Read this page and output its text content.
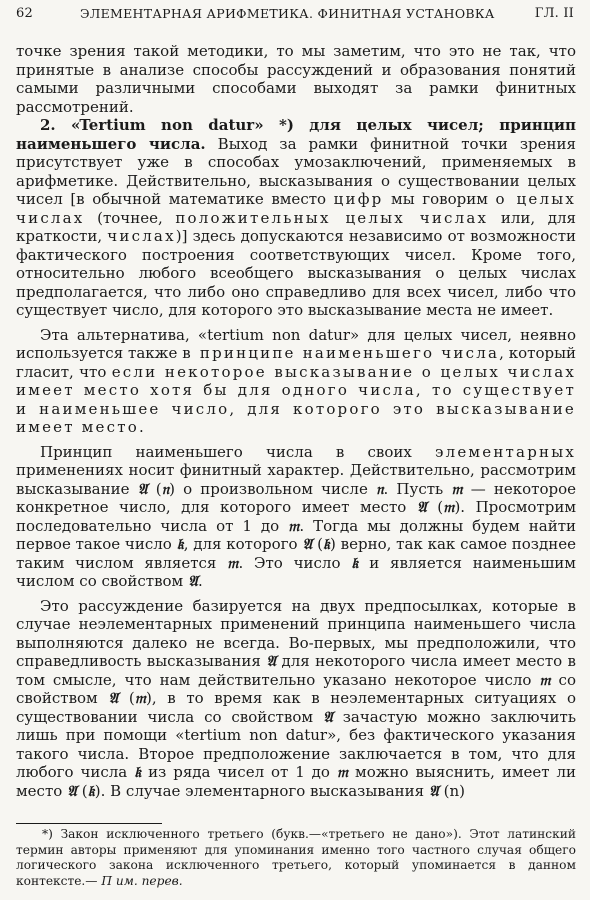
62	ЭЛЕМЕНТАРНАЯ АРИФМЕТИКА. ФИНИТНАЯ УСТАНОВКА	ГЛ. II

точке зрения такой методики, то мы заметим, что это не так, что принятые в анализе способы рассуждений и образования понятий самыми различными способами выходят за рамки финитных рассмотрений.

2. «Tertium non datur» *) для целых чисел; принцип наименьшего числа. Выход за рамки финитной точки зрения присутствует уже в способах умозаключений, применяемых в арифметике. Действительно, высказывания о существовании целых чисел [в обычной математике вместо цифр мы говорим о целых числах (точнее, положительных целых числах или, для краткости, числах)] здесь допускаются независимо от возможности фактического построения соответствующих чисел. Кроме того, относительно любого всеобщего высказывания о целых числах предполагается, что либо оно справедливо для всех чисел, либо что существует число, для которого это высказывание места не имеет.

Эта альтернатива, «tertium non datur» для целых чисел, неявно используется также в принципе наименьшего числа, который гласит, что если некоторое высказывание о целых числах имеет место хотя бы для одного числа, то существует и наименьшее число, для которого это высказывание имеет место.

Принцип наименьшего числа в своих элементарных применениях носит финитный характер. Действительно, рассмотрим высказывание 𝔄 (𝔫) о произвольном числе 𝔫. Пусть 𝔪 — некоторое конкретное число, для которого имеет место 𝔄 (𝔪). Просмотрим последовательно числа от 1 до 𝔪. Тогда мы должны будем найти первое такое число 𝔨, для которого 𝔄 (𝔨) верно, так как самое позднее таким числом является 𝔪. Это число 𝔨 и является наименьшим числом со свойством 𝔄.

Это рассуждение базируется на двух предпосылках, которые в случае неэлементарных применений принципа наименьшего числа выполняются далеко не всегда. Во-первых, мы предположили, что справедливость высказывания 𝔄 для некоторого числа имеет место в том смысле, что нам действительно указано некоторое число 𝔪 со свойством 𝔄 (𝔪), в то время как в неэлементарных ситуациях о существовании числа со свойством 𝔄 зачастую можно заключить лишь при помощи «tertium non datur», без фактического указания такого числа. Второе предположение заключается в том, что для любого числа 𝔨 из ряда чисел от 1 до 𝔪 можно выяснить, имеет ли место 𝔄 (𝔨). В случае элементарного высказывания 𝔄 (n)

*) Закон исключенного третьего (букв.—«третьего не дано»). Этот латинский термин авторы применяют для упоминания именно того частного случая общего логического закона исключенного третьего, который упоминается в данном контексте.— П им. перев.
